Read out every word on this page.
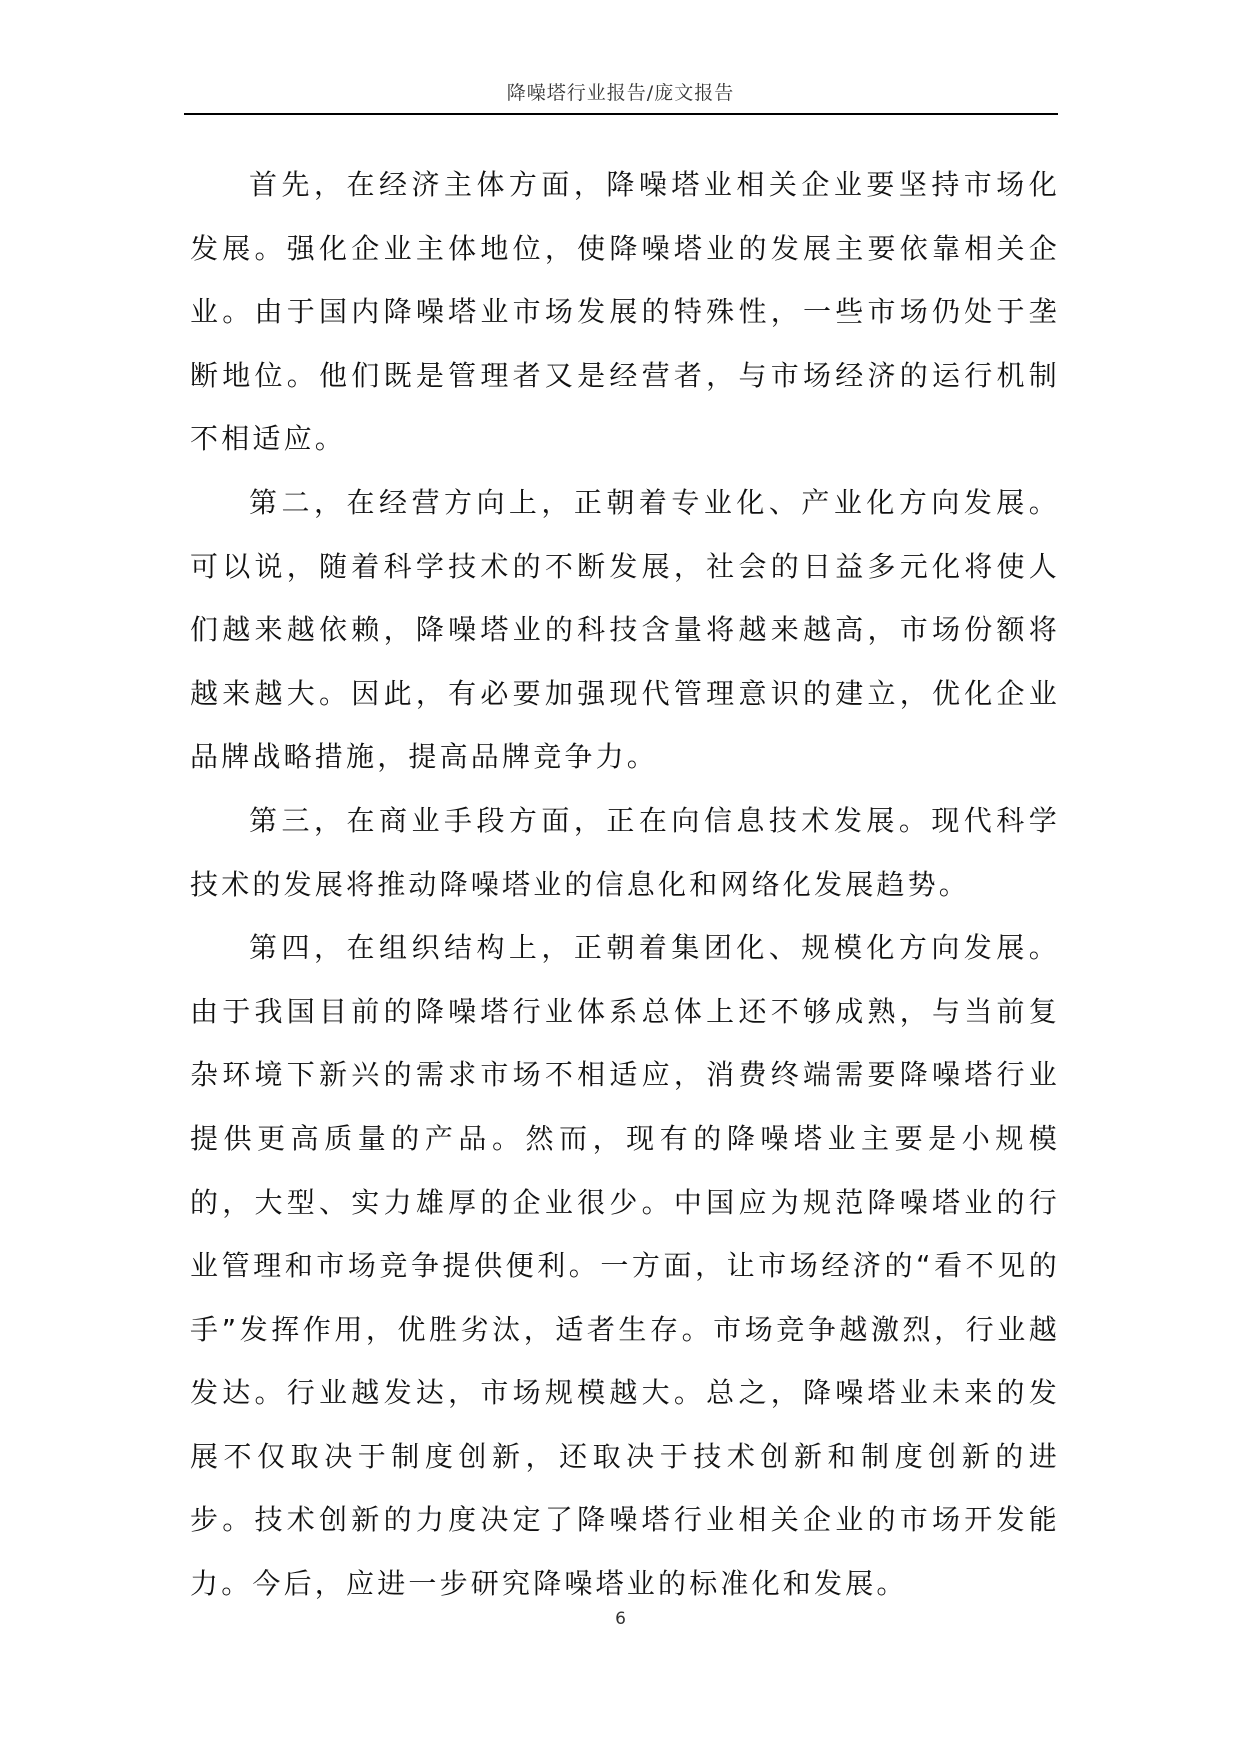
降噪塔行业报告/庞文报告

首先，在经济主体方面，降噪塔业相关企业要坚持市场化发展。强化企业主体地位，使降噪塔业的发展主要依靠相关企业。由于国内降噪塔业市场发展的特殊性，一些市场仍处于垄断地位。他们既是管理者又是经营者，与市场经济的运行机制不相适应。

第二，在经营方向上，正朝着专业化、产业化方向发展。可以说，随着科学技术的不断发展，社会的日益多元化将使人们越来越依赖，降噪塔业的科技含量将越来越高，市场份额将越来越大。因此，有必要加强现代管理意识的建立，优化企业品牌战略措施，提高品牌竞争力。

第三，在商业手段方面，正在向信息技术发展。现代科学技术的发展将推动降噪塔业的信息化和网络化发展趋势。

第四，在组织结构上，正朝着集团化、规模化方向发展。由于我国目前的降噪塔行业体系总体上还不够成熟，与当前复杂环境下新兴的需求市场不相适应，消费终端需要降噪塔行业提供更高质量的产品。然而，现有的降噪塔业主要是小规模的，大型、实力雄厚的企业很少。中国应为规范降噪塔业的行业管理和市场竞争提供便利。一方面，让市场经济的“看不见的手”发挥作用，优胜劣汰，适者生存。市场竞争越激烈，行业越发达。行业越发达，市场规模越大。总之，降噪塔业未来的发展不仅取决于制度创新，还取决于技术创新和制度创新的进步。技术创新的力度决定了降噪塔行业相关企业的市场开发能力。今后，应进一步研究降噪塔业的标准化和发展。

6
